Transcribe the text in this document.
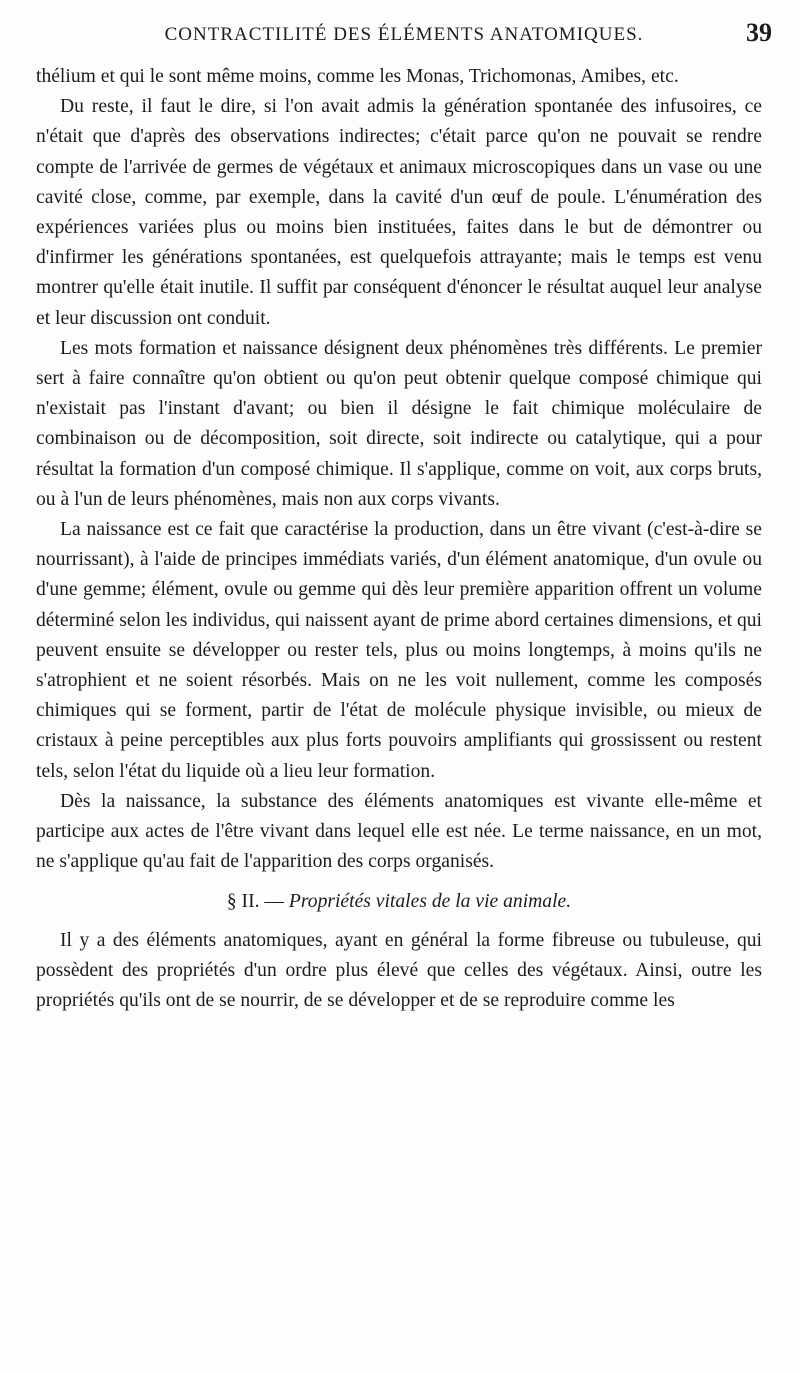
CONTRACTILITÉ DES ÉLÉMENTS ANATOMIQUES.	39

thélium et qui le sont même moins, comme les Monas, Trichomonas, Amibes, etc.

Du reste, il faut le dire, si l'on avait admis la génération spontanée des infusoires, ce n'était que d'après des observations indirectes; c'était parce qu'on ne pouvait se rendre compte de l'arrivée de germes de végétaux et animaux microscopiques dans un vase ou une cavité close, comme, par exemple, dans la cavité d'un œuf de poule. L'énumération des expériences variées plus ou moins bien instituées, faites dans le but de démontrer ou d'infirmer les générations spontanées, est quelquefois attrayante; mais le temps est venu montrer qu'elle était inutile. Il suffit par conséquent d'énoncer le résultat auquel leur analyse et leur discussion ont conduit.

Les mots formation et naissance désignent deux phénomènes très différents. Le premier sert à faire connaître qu'on obtient ou qu'on peut obtenir quelque composé chimique qui n'existait pas l'instant d'avant; ou bien il désigne le fait chimique moléculaire de combinaison ou de décomposition, soit directe, soit indirecte ou catalytique, qui a pour résultat la formation d'un composé chimique. Il s'applique, comme on voit, aux corps bruts, ou à l'un de leurs phénomènes, mais non aux corps vivants.

La naissance est ce fait que caractérise la production, dans un être vivant (c'est-à-dire se nourrissant), à l'aide de principes immédiats variés, d'un élément anatomique, d'un ovule ou d'une gemme; élément, ovule ou gemme qui dès leur première apparition offrent un volume déterminé selon les individus, qui naissent ayant de prime abord certaines dimensions, et qui peuvent ensuite se développer ou rester tels, plus ou moins longtemps, à moins qu'ils ne s'atrophient et ne soient résorbés. Mais on ne les voit nullement, comme les composés chimiques qui se forment, partir de l'état de molécule physique invisible, ou mieux de cristaux à peine perceptibles aux plus forts pouvoirs amplifiants qui grossissent ou restent tels, selon l'état du liquide où a lieu leur formation.

Dès la naissance, la substance des éléments anatomiques est vivante elle-même et participe aux actes de l'être vivant dans lequel elle est née. Le terme naissance, en un mot, ne s'applique qu'au fait de l'apparition des corps organisés.

§ II. — Propriétés vitales de la vie animale.

Il y a des éléments anatomiques, ayant en général la forme fibreuse ou tubuleuse, qui possèdent des propriétés d'un ordre plus élevé que celles des végétaux. Ainsi, outre les propriétés qu'ils ont de se nourrir, de se développer et de se reproduire comme les
